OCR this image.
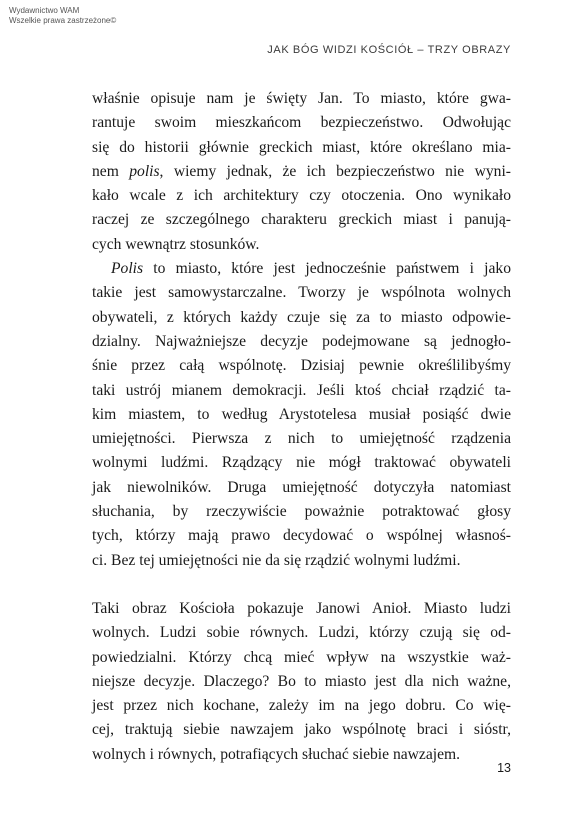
Wydawnictwo WAM
Wszelkie prawa zastrzeżone©
JAK BÓG WIDZI KOŚCIÓŁ – TRZY OBRAZY
właśnie opisuje nam je święty Jan. To miasto, które gwa-
rantuje swoim mieszkańcom bezpieczeństwo. Odwołując
się do historii głównie greckich miast, które określano mia-
nem polis, wiemy jednak, że ich bezpieczeństwo nie wyni-
kało wcale z ich architektury czy otoczenia. Ono wynikało
raczej ze szczególnego charakteru greckich miast i panują-
cych wewnątrz stosunków.
Polis to miasto, które jest jednocześnie państwem i jako
takie jest samowystarczalne. Tworzy je wspólnota wolnych
obywateli, z których każdy czuje się za to miasto odpowie-
dzialny. Najważniejsze decyzje podejmowane są jednogło-
śnie przez całą wspólnotę. Dzisiaj pewnie określilibyśmy
taki ustrój mianem demokracji. Jeśli ktoś chciał rządzić ta-
kim miastem, to według Arystotelesa musiał posiąść dwie
umiejętności. Pierwsza z nich to umiejętność rządzenia
wolnymi ludźmi. Rządzący nie mógł traktować obywateli
jak niewolników. Druga umiejętność dotyczyła natomiast
słuchania, by rzeczywiście poważnie potraktować głosy
tych, którzy mają prawo decydować o wspólnej własnoś-
ci. Bez tej umiejętności nie da się rządzić wolnymi ludźmi.
Taki obraz Kościoła pokazuje Janowi Anioł. Miasto ludzi
wolnych. Ludzi sobie równych. Ludzi, którzy czują się od-
powiedzialni. Którzy chcą mieć wpływ na wszystkie waż-
niejsze decyzje. Dlaczego? Bo to miasto jest dla nich ważne,
jest przez nich kochane, zależy im na jego dobru. Co wię-
cej, traktują siebie nawzajem jako wspólnotę braci i sióstr,
wolnych i równych, potrafiących słuchać siebie nawzajem.
13
